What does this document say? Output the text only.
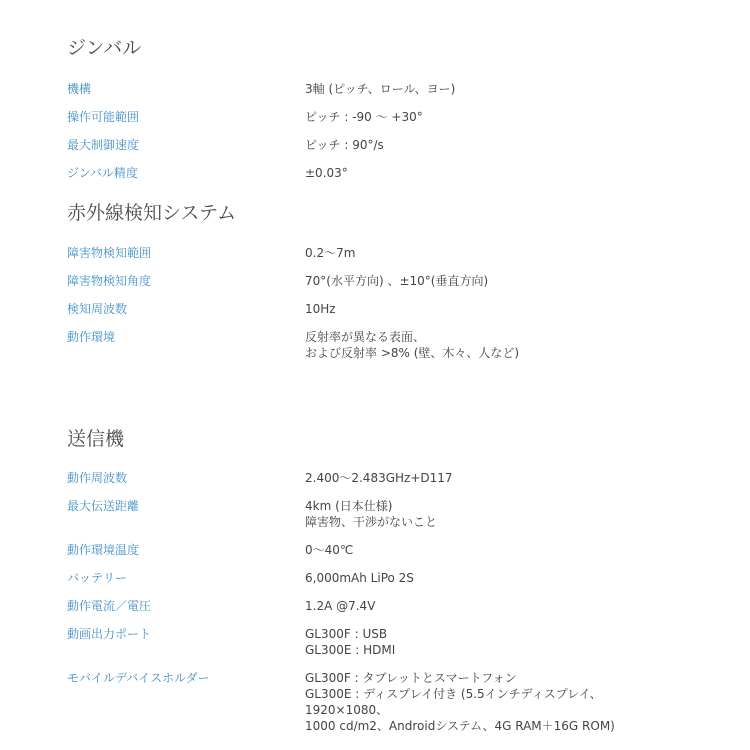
ジンバル
機構	3軸 (ピッチ、ロール、ヨー)
操作可能範囲	ピッチ : -90 ～ +30°
最大制御速度	ピッチ : 90°/s
ジンバル精度	±0.03°
赤外線検知システム
障害物検知範囲	0.2～7m
障害物検知角度	70°(水平方向) 、±10°(垂直方向)
検知周波数	10Hz
動作環境	反射率が異なる表面、
および反射率 >8% (壁、木々、人など)
送信機
動作周波数	2.400～2.483GHz+D117
最大伝送距離	4km (日本仕様)
障害物、干渉がないこと
動作環境温度	0～40℃
バッテリー	6,000mAh LiPo 2S
動作電流／電圧	1.2A @7.4V
動画出力ポート	GL300F : USB
GL300E : HDMI
モバイルデバイスホルダー	GL300F : タブレットとスマートフォン
GL300E : ディスプレイ付き (5.5インチディスプレイ、
1920×1080、
1000 cd/m2、Androidシステム、4G RAM＋16G ROM)
